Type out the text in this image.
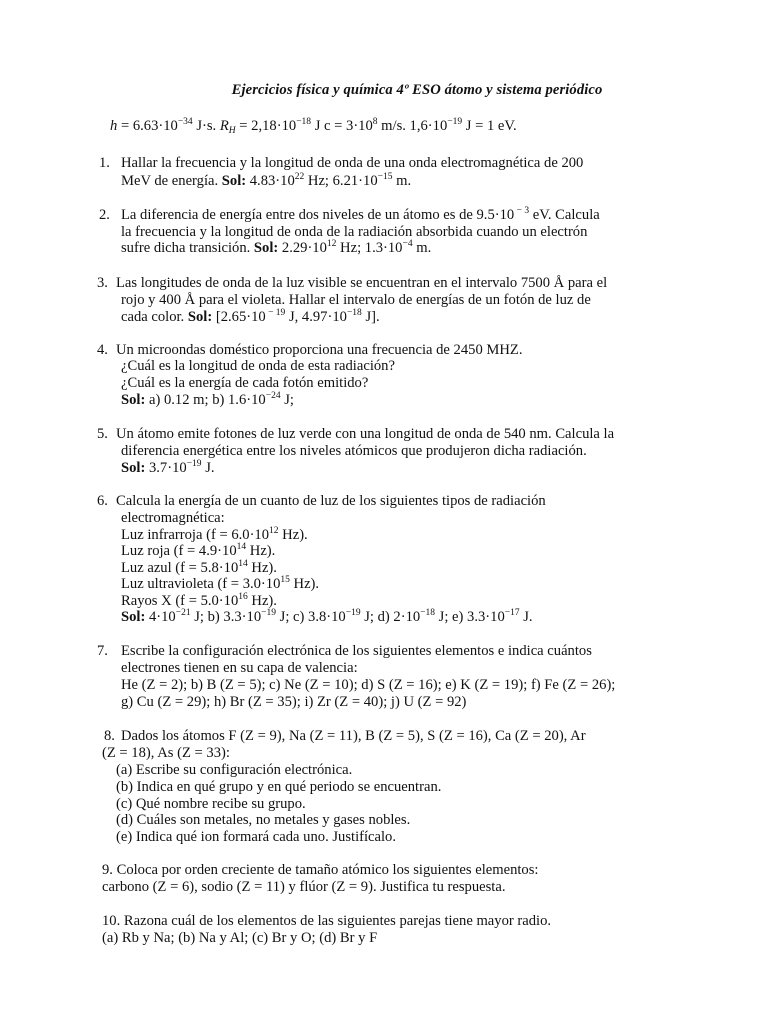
Ejercicios física y química 4º ESO átomo y sistema periódico
$h = 6.63\cdot 10^{-34}$ J·s. $R_H = 2,18\cdot 10^{-18}$ J $c = 3\cdot 10^8$ m/s. $1,6\cdot 10^{-19}$ J = 1 eV.
1. Hallar la frecuencia y la longitud de onda de una onda electromagnética de 200
MeV de energía. Sol: $4.83\cdot 10^{22}$ Hz; $6.21\cdot 10^{-15}$ m.
2. La diferencia de energía entre dos niveles de un átomo es de 9.5·10 $^{- 3}$ eV. Calcula
la frecuencia y la longitud de onda de la radiación absorbida cuando un electrón
sufre dicha transición. Sol: $2.29\cdot 10^{12}$ Hz; $1.3\cdot 10^{-4}$ m.
3. Las longitudes de onda de la luz visible se encuentran en el intervalo 7500 Å para el
rojo y 400 Å para el violeta. Hallar el intervalo de energías de un fotón de luz de
cada color. Sol: [2.65·10 $^{- 19}$ J, $4.97\cdot 10^{-18}$ J].
4. Un microondas doméstico proporciona una frecuencia de 2450 MHZ.
¿Cuál es la longitud de onda de esta radiación?
¿Cuál es la energía de cada fotón emitido?
Sol: a) 0.12 m; b) $1.6\cdot 10^{-24}$ J;
5. Un átomo emite fotones de luz verde con una longitud de onda de 540 nm. Calcula la
diferencia energética entre los niveles atómicos que produjeron dicha radiación.
Sol: $3.7\cdot 10^{-19}$ J.
6. Calcula la energía de un cuanto de luz de los siguientes tipos de radiación
electromagnética:
Luz infrarroja ($f = 6.0\cdot 10^{12}$ Hz).
Luz roja ($f = 4.9\cdot 10^{14}$ Hz).
Luz azul ($f = 5.8\cdot 10^{14}$ Hz).
Luz ultravioleta ($f = 3.0\cdot 10^{15}$ Hz).
Rayos X ($f = 5.0\cdot 10^{16}$ Hz).
Sol: $4\cdot 10^{-21}$ J; b) $3.3\cdot 10^{-19}$ J; c) $3.8\cdot 10^{-19}$ J; d) $2\cdot 10^{-18}$ J; e) $3.3\cdot 10^{-17}$ J.
7. Escribe la configuración electrónica de los siguientes elementos e indica cuántos
electrones tienen en su capa de valencia:
He (Z = 2); b) B (Z = 5); c) Ne (Z = 10); d) S (Z = 16); e) K (Z = 19); f) Fe (Z = 26);
g) Cu (Z = 29); h) Br (Z = 35); i) Zr (Z = 40); j) U (Z = 92)
8. Dados los átomos F (Z = 9), Na (Z = 11), B (Z = 5), S (Z = 16), Ca (Z = 20), Ar
(Z = 18), As (Z = 33):
(a) Escribe su configuración electrónica.
(b) Indica en qué grupo y en qué periodo se encuentran.
(c) Qué nombre recibe su grupo.
(d) Cuáles son metales, no metales y gases nobles.
(e) Indica qué ion formará cada uno. Justifícalo.
9. Coloca por orden creciente de tamaño atómico los siguientes elementos:
carbono (Z = 6), sodio (Z = 11) y flúor (Z = 9). Justifica tu respuesta.
10. Razona cuál de los elementos de las siguientes parejas tiene mayor radio.
(a) Rb y Na; (b) Na y Al; (c) Br y O; (d) Br y F
